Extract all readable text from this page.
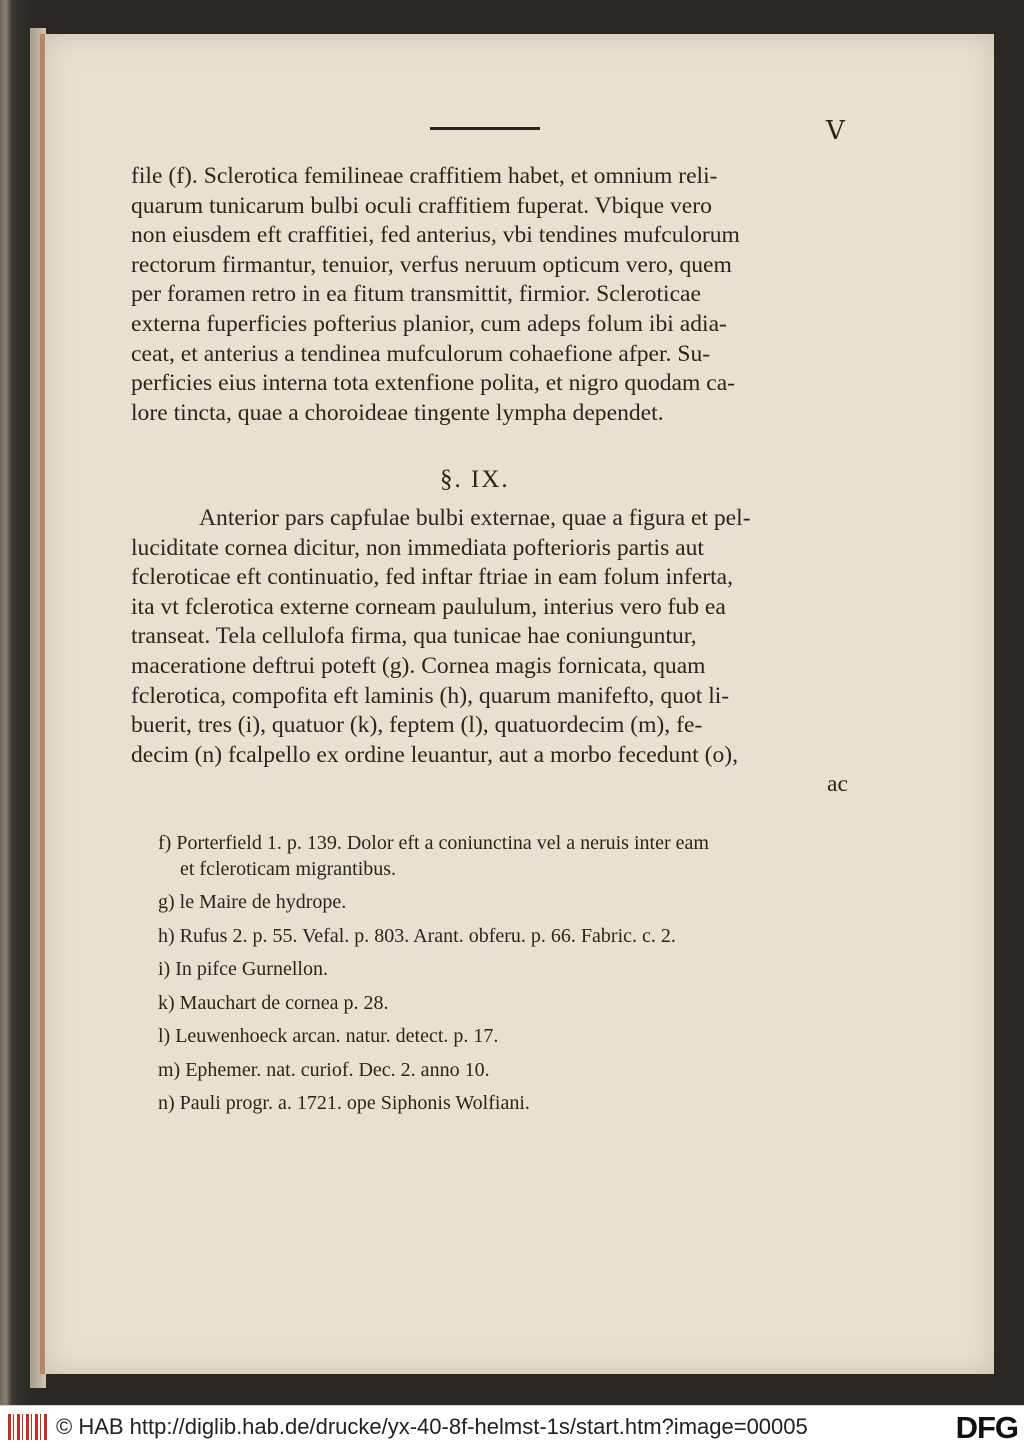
V
file (f). Sclerotica femilineae craffitiem habet, et omnium reli-
quarum tunicarum bulbi oculi craffitiem fuperat. Vbique vero
non eiusdem eft craffitiei, fed anterius, vbi tendines mufculorum
rectorum firmantur, tenuior, verfus neruum opticum vero, quem
per foramen retro in ea fitum transmittit, firmior. Scleroticae
externa fuperficies pofterius planior, cum adeps folum ibi adia-
ceat, et anterius a tendinea mufculorum cohaefione afper. Su-
perficies eius interna tota extenfione polita, et nigro quodam ca-
lore tincta, quae a choroideae tingente lympha dependet.
§. IX.
Anterior pars capfulae bulbi externae, quae a figura et pel-
luciditate cornea dicitur, non immediata pofterioris partis aut
fcleroticae eft continuatio, fed inftar ftriae in eam folum inferta,
ita vt fclerotica externe corneam paululum, interius vero fub ea
transeat. Tela cellulofa firma, qua tunicae hae coniunguntur,
maceratione deftrui poteft (g). Cornea magis fornicata, quam
fclerotica, compofita eft laminis (h), quarum manifefto, quot li-
buerit, tres (i), quatuor (k), feptem (l), quatuordecim (m), fe-
decim (n) fcalpello ex ordine leuantur, aut a morbo fecedunt (o),
ac
f) Porterfield 1. p. 139. Dolor eft a coniunctina vel a neruis inter eam
et fcleroticam migrantibus.
g) le Maire de hydrope.
h) Rufus 2. p. 55. Vefal. p. 803. Arant. obferu. p. 66. Fabric. c. 2.
i) In pifce Gurnellon.
k) Mauchart de cornea p. 28.
l) Leuwenhoeck arcan. natur. detect. p. 17.
m) Ephemer. nat. curiof. Dec. 2. anno 10.
n) Pauli progr. a. 1721. ope Siphonis Wolfiani.
© HAB http://diglib.hab.de/drucke/yx-40-8f-helmst-1s/start.htm?image=00005	DFG
